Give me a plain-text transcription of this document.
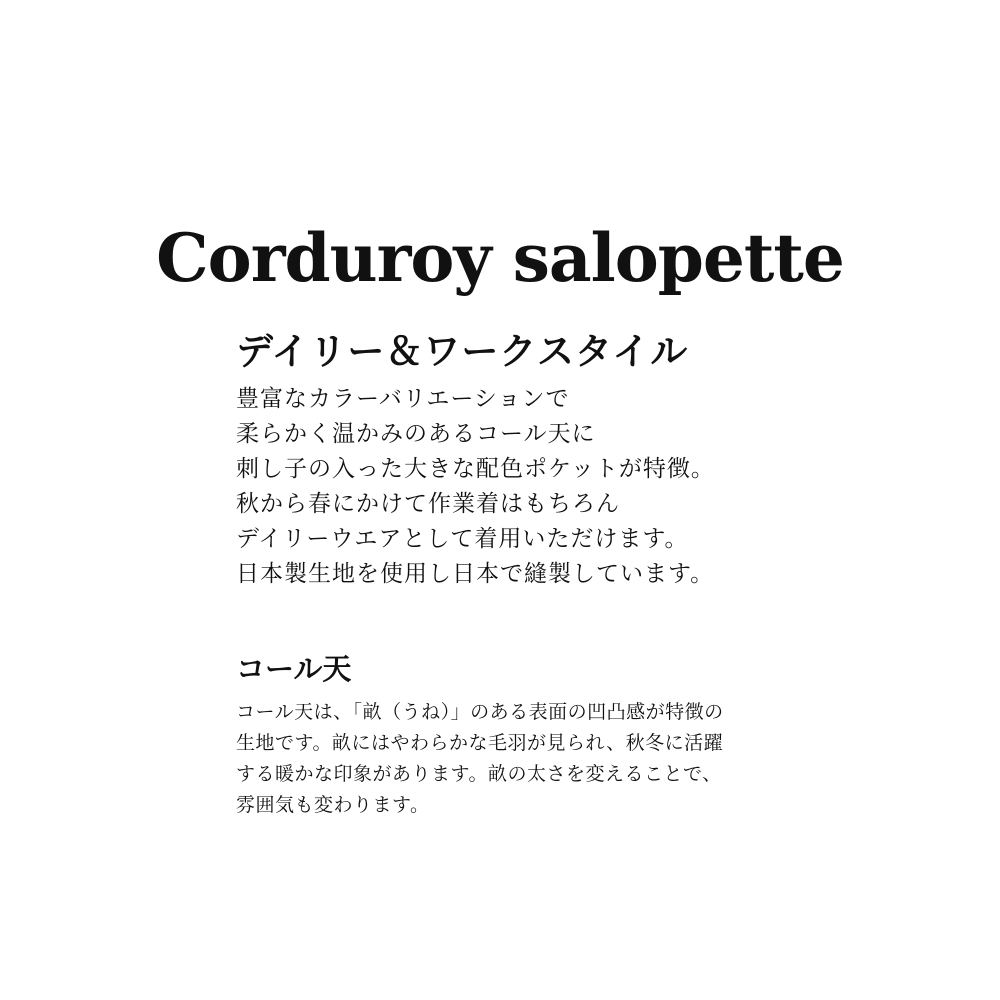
Corduroy salopette
デイリー＆ワークスタイル

豊富なカラーバリエーションで

柔らかく温かみのあるコール天に

刺し子の入った大きな配色ポケットが特徴。

秋から春にかけて作業着はもちろん

デイリーウエアとして着用いただけます。

日本製生地を使用し日本で縫製しています。

コール天

コール天は、「畝（うね）」のある表面の凹凸感が特徴の

生地です。畝にはやわらかな毛羽が見られ、秋冬に活躍

する暖かな印象があります。畝の太さを変えることで、

雰囲気も変わります。
